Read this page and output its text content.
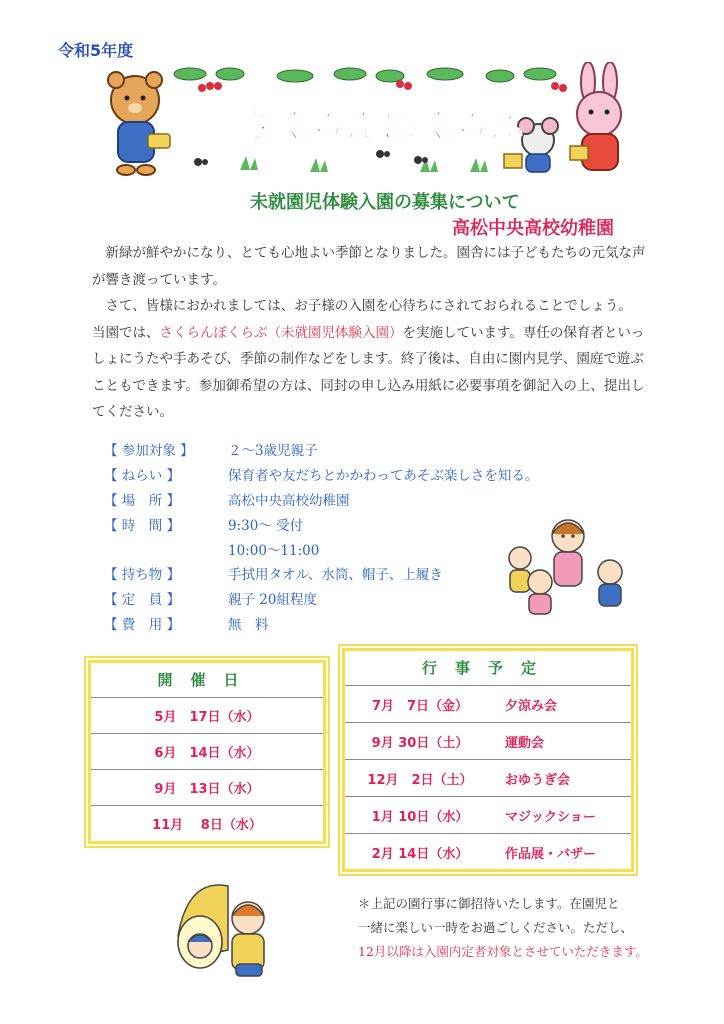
令和5年度
さくらんぼくらぶ
未就園児体験入園の募集について
高松中央高校幼稚園

新緑が鮮やかになり、とても心地よい季節となりました。園舎には子どもたちの元気な声が響き渡っています。

さて、皆様におかれましては、お子様の入園を心待ちにされておられることでしょう。

当園では、さくらんぼくらぶ（未就園児体験入園）を実施しています。専任の保育者といっしょにうたや手あそび、季節の制作などをします。終了後は、自由に園内見学、園庭で遊ぶこともできます。参加御希望の方は、同封の申し込み用紙に必要事項を御記入の上、提出してください。

【 参加対象 】	２～3歳児親子
【 ねらい 】	保育者や友だちとかかわってあそぶ楽しさを知る。
【 場　所 】	高松中央高校幼稚園
【 時　間 】	9:30～ 受付
10:00～11:00
【 持ち物 】	手拭用タオル、水筒、帽子、上履き
【 定　員 】	親子 20組程度
【 費　用 】	無　料
開催日
5月　17日（水）
6月　14日（水）
9月　13日（水）
11月　 8日（水）
行事予定
7月　7日（金）	夕涼み会
9月 30日（土）	運動会
12月　2日（土）	おゆうぎ会
1月 10日（水）	マジックショー
2月 14日（水）	作品展・バザー
＊上記の園行事に御招待いたします。在園児と
一緒に楽しい一時をお過ごしください。ただし、
12月以降は入園内定者対象とさせていただきます。
